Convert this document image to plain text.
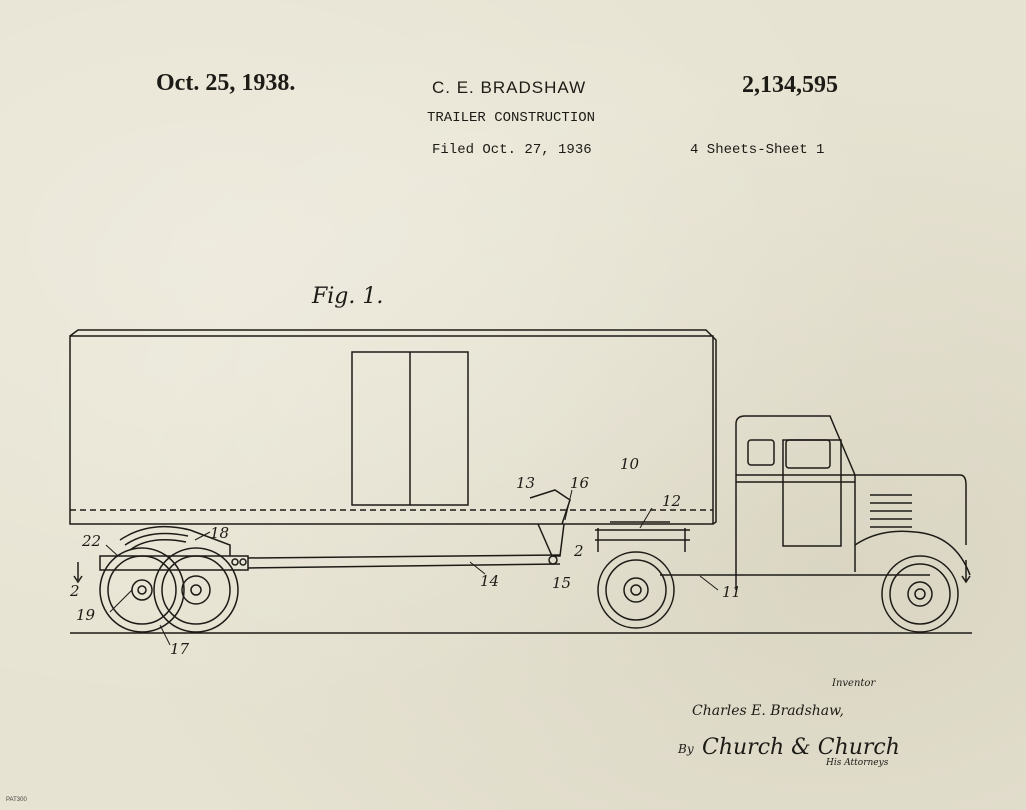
Oct. 25, 1938.	C. E. BRADSHAW	2,134,595
TRAILER CONSTRUCTION
Filed Oct. 27, 1936	4 Sheets-Sheet 1
Fig. 1.
10
11
12
13
14	15
16
17
18
19
22
2
2
Inventor
Charles E. Bradshaw,
By Church & Church
His Attorneys
PAT300
